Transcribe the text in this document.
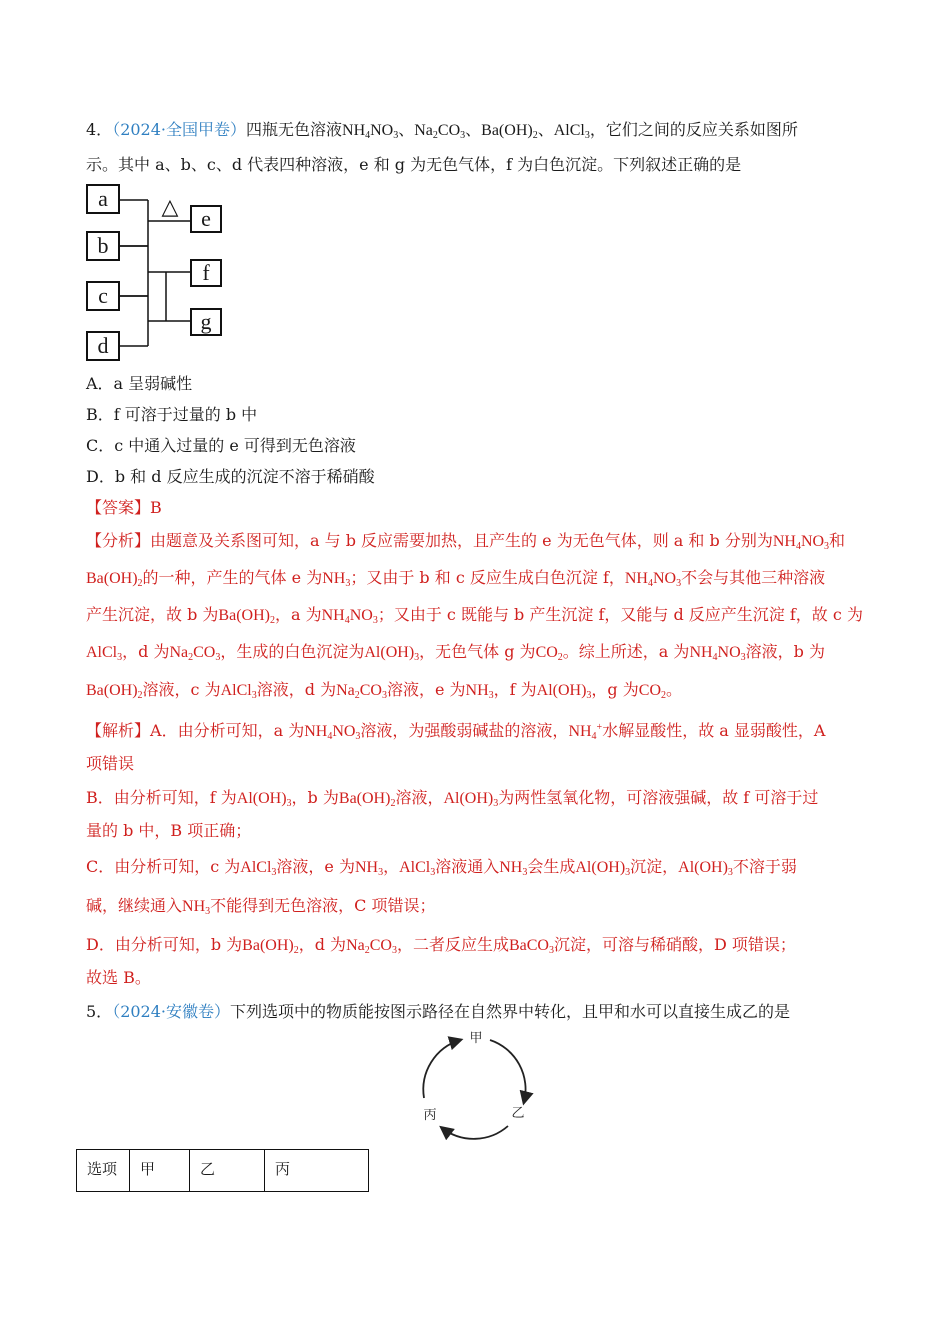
4．（2024·全国甲卷）四瓶无色溶液$NH_4NO_3$、$Na_2CO_3$、$Ba(OH)_2$、AlCl$_3$，它们之间的反应关系如图所
示。其中 a、b、c、d 代表四种溶液，e 和 g 为无色气体，f 为白色沉淀。下列叙述正确的是
△
a
b
c
d
e
f
g
A．a 呈弱碱性
B．f 可溶于过量的 b 中
C．c 中通入过量的 e 可得到无色溶液
D．b 和 d 反应生成的沉淀不溶于稀硝酸
【答案】B
【分析】由题意及关系图可知，a 与 b 反应需要加热，且产生的 e 为无色气体，则 a 和 b 分别为$NH_4NO_3$和
$Ba(OH)_2$的一种，产生的气体 e 为$NH_3$；又由于 b 和 c 反应生成白色沉淀 f，$NH_4NO_3$不会与其他三种溶液
产生沉淀，故 b 为$Ba(OH)_2$，a 为$NH_4NO_3$；又由于 c 既能与 b 产生沉淀 f，又能与 d 反应产生沉淀 f，故 c 为
AlCl$_3$，d 为$Na_2CO_3$，生成的白色沉淀为$Al(OH)_3$，无色气体 g 为$CO_2$。综上所述，a 为$NH_4NO_3$溶液，b 为
$Ba(OH)_2$溶液，c 为AlCl$_3$溶液，d 为$Na_2CO_3$溶液，e 为$NH_3$，f 为$Al(OH)_3$，g 为$CO_2$。
【解析】A．由分析可知，a 为$NH_4NO_3$溶液，为强酸弱碱盐的溶液，$NH_4^+$水解显酸性，故 a 显弱酸性，A
项错误
B．由分析可知，f 为$Al(OH)_3$，b 为$Ba(OH)_2$溶液，$Al(OH)_3$为两性氢氧化物，可溶液强碱，故 f 可溶于过
量的 b 中，B 项正确；
C．由分析可知，c 为AlCl$_3$溶液，e 为$NH_3$，AlCl$_3$溶液通入$NH_3$会生成$Al(OH)_3$沉淀，$Al(OH)_3$不溶于弱
碱，继续通入$NH_3$不能得到无色溶液，C 项错误；
D．由分析可知，b 为$Ba(OH)_2$，d 为$Na_2CO_3$，二者反应生成BaCO$_3$沉淀，可溶与稀硝酸，D 项错误；
故选 B。
5．（2024·安徽卷）下列选项中的物质能按图示路径在自然界中转化，且甲和水可以直接生成乙的是
甲
乙
丙
选项	甲	乙	丙
